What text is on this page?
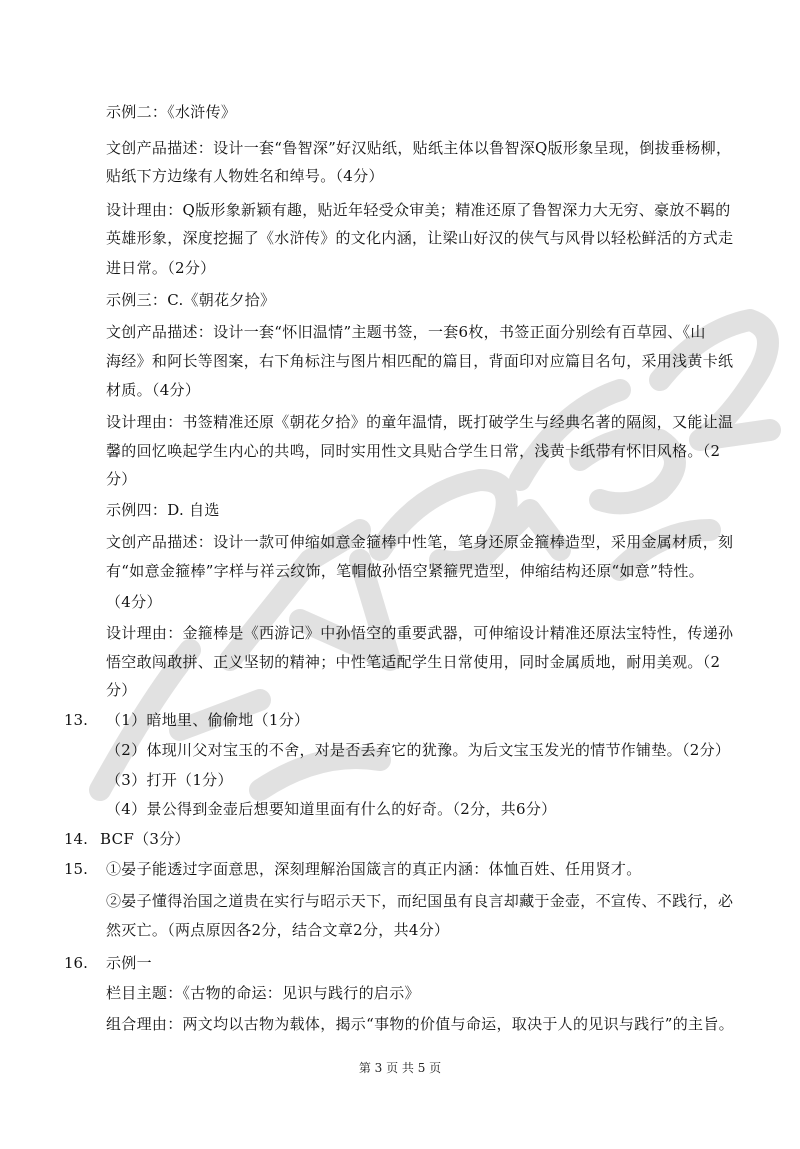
示例二：《水浒传》
文创产品描述：设计一套“鲁智深”好汉贴纸，贴纸主体以鲁智深Q版形象呈现，倒拔垂杨柳，
贴纸下方边缘有人物姓名和绰号。（4分）
设计理由：Q版形象新颖有趣，贴近年轻受众审美；精准还原了鲁智深力大无穷、豪放不羁的
英雄形象，深度挖掘了《水浒传》的文化内涵，让梁山好汉的侠气与风骨以轻松鲜活的方式走
进日常。（2分）
示例三：C.《朝花夕拾》
文创产品描述：设计一套“怀旧温情”主题书签，一套6枚，书签正面分别绘有百草园、《山
海经》和阿长等图案，右下角标注与图片相匹配的篇目，背面印对应篇目名句，采用浅黄卡纸
材质。（4分）
设计理由：书签精准还原《朝花夕拾》的童年温情，既打破学生与经典名著的隔阂，又能让温
馨的回忆唤起学生内心的共鸣，同时实用性文具贴合学生日常，浅黄卡纸带有怀旧风格。（2
分）
示例四：D. 自选
文创产品描述：设计一款可伸缩如意金箍棒中性笔，笔身还原金箍棒造型，采用金属材质，刻
有“如意金箍棒”字样与祥云纹饰，笔帽做孙悟空紧箍咒造型，伸缩结构还原“如意”特性。
（4分）
设计理由：金箍棒是《西游记》中孙悟空的重要武器，可伸缩设计精准还原法宝特性，传递孙
悟空敢闯敢拼、正义坚韧的精神；中性笔适配学生日常使用，同时金属质地，耐用美观。（2
分）
13. （1）暗地里、偷偷地（1分）
（2）体现川父对宝玉的不舍，对是否丢弃它的犹豫。为后文宝玉发光的情节作铺垫。（2分）
（3）打开（1分）
（4）景公得到金壶后想要知道里面有什么的好奇。（2分，共6分）
14. BCF（3分）
15. ①晏子能透过字面意思，深刻理解治国箴言的真正内涵：体恤百姓、任用贤才。
②晏子懂得治国之道贵在实行与昭示天下，而纪国虽有良言却藏于金壶，不宣传、不践行，必
然灭亡。（两点原因各2分，结合文章2分，共4分）
16. 示例一
栏目主题：《古物的命运：见识与践行的启示》
组合理由：两文均以古物为载体，揭示“事物的价值与命运，取决于人的见识与践行”的主旨。
第 3 页 共 5 页
